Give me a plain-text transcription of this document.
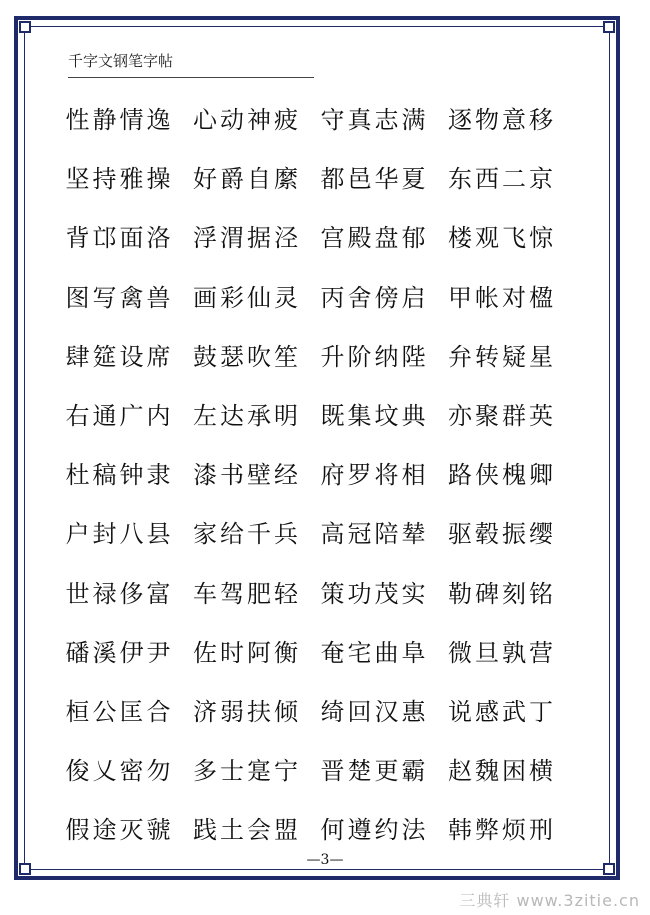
千字文钢笔字帖
性 静 情 逸 心 动 神 疲 守 真 志 满 逐 物 意 移
坚 持 雅 操 好 爵 自 縻 都 邑 华 夏 东 西 二 京
背 邙 面 洛 浮 渭 据 泾 宫 殿 盘 郁 楼 观 飞 惊
图 写 禽 兽 画 彩 仙 灵 丙 舍 傍 启 甲 帐 对 楹
肆 筵 设 席 鼓 瑟 吹 笙 升 阶 纳 陛 弁 转 疑 星
右 通 广 内 左 达 承 明 既 集 坟 典 亦 聚 群 英
杜 稿 钟 隶 漆 书 壁 经 府 罗 将 相 路 侠 槐 卿
户 封 八 县 家 给 千 兵 高 冠 陪 辇 驱 毂 振 缨
世 禄 侈 富 车 驾 肥 轻 策 功 茂 实 勒 碑 刻 铭
磻 溪 伊 尹 佐 时 阿 衡 奄 宅 曲 阜 微 旦 孰 营
桓 公 匡 合 济 弱 扶 倾 绮 回 汉 惠 说 感 武 丁
俊 乂 密 勿 多 士 寔 宁 晋 楚 更 霸 赵 魏 困 横
假 途 灭 虢 践 土 会 盟 何 遵 约 法 韩 弊 烦 刑
—3—
三典轩 www.3zitie.cn
